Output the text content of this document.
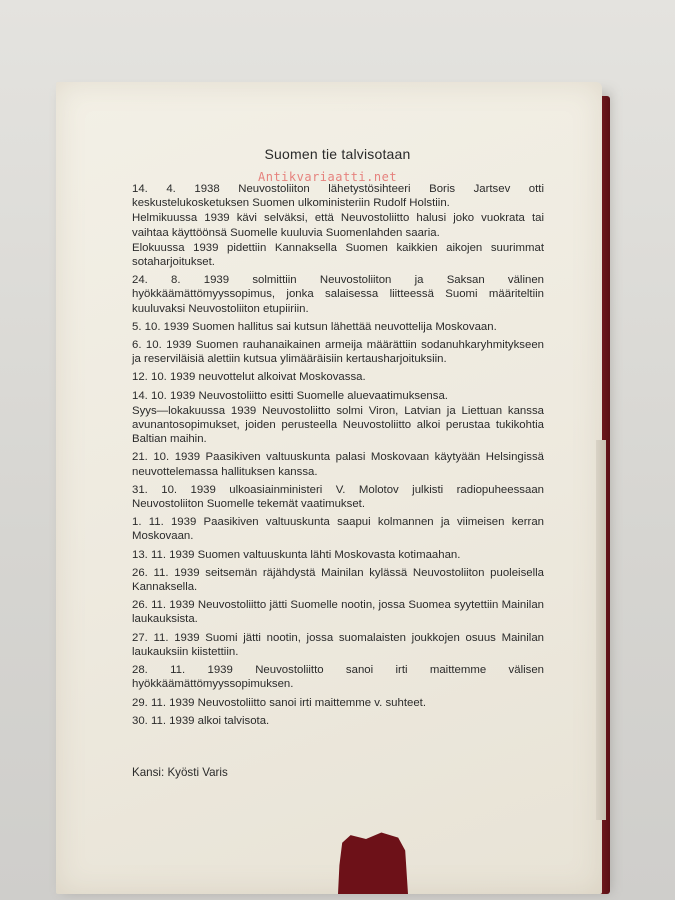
Suomen tie talvisotaan
Antikvariaatti.net

14. 4. 1938 Neuvostoliiton lähetystösihteeri Boris Jartsev otti keskustelukosketuksen Suomen ulkoministeriin Rudolf Holstiin.

Helmikuussa 1939 kävi selväksi, että Neuvostoliitto halusi joko vuokrata tai vaihtaa käyttöönsä Suomelle kuuluvia Suomenlahden saaria.

Elokuussa 1939 pidettiin Kannaksella Suomen kaikkien aikojen suurimmat sotaharjoitukset.

24. 8. 1939 solmittiin Neuvostoliiton ja Saksan välinen hyökkäämättömyyssopimus, jonka salaisessa liitteessä Suomi määriteltiin kuuluvaksi Neuvostoliiton etupiiriin.

5. 10. 1939 Suomen hallitus sai kutsun lähettää neuvottelija Moskovaan.

6. 10. 1939 Suomen rauhanaikainen armeija määrättiin sodanuhkaryhmitykseen ja reserviläisiä alettiin kutsua ylimääräisiin kertausharjoituksiin.

12. 10. 1939 neuvottelut alkoivat Moskovassa.

14. 10. 1939 Neuvostoliitto esitti Suomelle aluevaatimuksensa.

Syys—lokakuussa 1939 Neuvostoliitto solmi Viron, Latvian ja Liettuan kanssa avunantosopimukset, joiden perusteella Neuvostoliitto alkoi perustaa tukikohtia Baltian maihin.

21. 10. 1939 Paasikiven valtuuskunta palasi Moskovaan käytyään Helsingissä neuvottelemassa hallituksen kanssa.

31. 10. 1939 ulkoasiainministeri V. Molotov julkisti radiopuheessaan Neuvostoliiton Suomelle tekemät vaatimukset.

1. 11. 1939 Paasikiven valtuuskunta saapui kolmannen ja viimeisen kerran Moskovaan.

13. 11. 1939 Suomen valtuuskunta lähti Moskovasta kotimaahan.

26. 11. 1939 seitsemän räjähdystä Mainilan kylässä Neuvostoliiton puoleisella Kannaksella.

26. 11. 1939 Neuvostoliitto jätti Suomelle nootin, jossa Suomea syytettiin Mainilan laukauksista.

27. 11. 1939 Suomi jätti nootin, jossa suomalaisten joukkojen osuus Mainilan laukauksiin kiistettiin.

28. 11. 1939 Neuvostoliitto sanoi irti maittemme välisen hyökkäämättömyyssopimuksen.

29. 11. 1939 Neuvostoliitto sanoi irti maittemme v. suhteet.

30. 11. 1939 alkoi talvisota.

Kansi: Kyösti Varis
